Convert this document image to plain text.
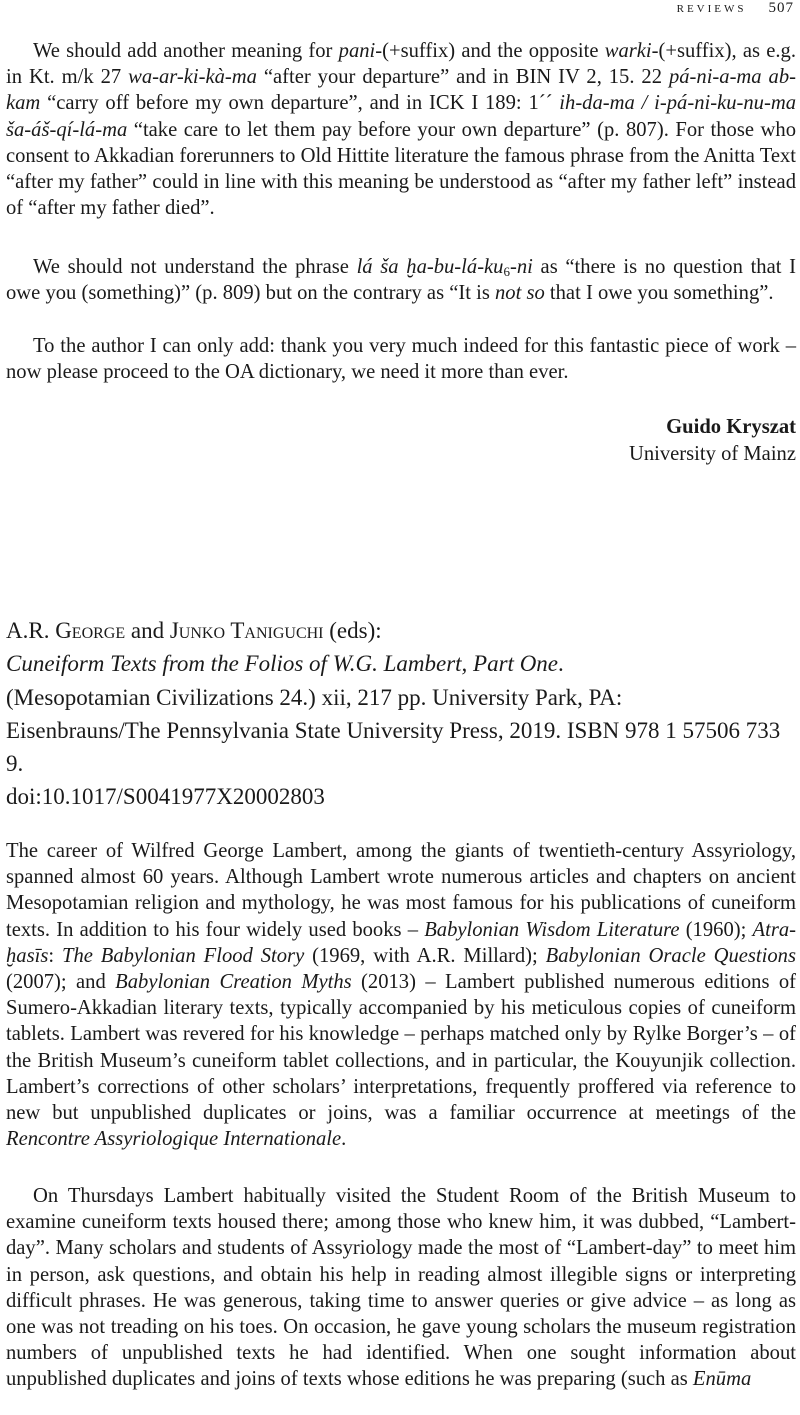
reviews 507

We should add another meaning for pani-(+suffix) and the opposite warki-(+suffix), as e.g. in Kt. m/k 27 wa-ar-ki-kà-ma “after your departure” and in BIN IV 2, 15. 22 pá-ni-a-ma ab-kam “carry off before my own departure”, and in ICK I 189: 1´´ ih-da-ma / i-pá-ni-ku-nu-ma ša-áš-qí-lá-ma “take care to let them pay before your own departure” (p. 807). For those who consent to Akkadian forerunners to Old Hittite literature the famous phrase from the Anitta Text “after my father” could in line with this meaning be understood as “after my father left” instead of “after my father died”.

We should not understand the phrase lá ša $ḫa-bu-lá-ku_6-ni$ as “there is no question that I owe you (something)” (p. 809) but on the contrary as “It is not so that I owe you something”.

To the author I can only add: thank you very much indeed for this fantastic piece of work – now please proceed to the OA dictionary, we need it more than ever.

Guido Kryszat
University of Mainz

A.R. George and Junko Taniguchi (eds):
Cuneiform Texts from the Folios of W.G. Lambert, Part One.
(Mesopotamian Civilizations 24.) xii, 217 pp. University Park, PA:
Eisenbrauns/The Pennsylvania State University Press, 2019. ISBN 978 1 57506 733 9.
doi:10.1017/S0041977X20002803

The career of Wilfred George Lambert, among the giants of twentieth-century Assyriology, spanned almost 60 years. Although Lambert wrote numerous articles and chapters on ancient Mesopotamian religion and mythology, he was most famous for his publications of cuneiform texts. In addition to his four widely used books – Babylonian Wisdom Literature (1960); Atra-ḫasīs: The Babylonian Flood Story (1969, with A.R. Millard); Babylonian Oracle Questions (2007); and Babylonian Creation Myths (2013) – Lambert published numerous editions of Sumero-Akkadian literary texts, typically accompanied by his meticulous copies of cuneiform tablets. Lambert was revered for his knowledge – perhaps matched only by Rylke Borger’s – of the British Museum’s cuneiform tablet collections, and in particular, the Kouyunjik collection. Lambert’s corrections of other scholars’ interpretations, frequently proffered via reference to new but unpublished duplicates or joins, was a familiar occurrence at meetings of the Rencontre Assyriologique Internationale.

On Thursdays Lambert habitually visited the Student Room of the British Museum to examine cuneiform texts housed there; among those who knew him, it was dubbed, “Lambert-day”. Many scholars and students of Assyriology made the most of “Lambert-day” to meet him in person, ask questions, and obtain his help in reading almost illegible signs or interpreting difficult phrases. He was generous, taking time to answer queries or give advice – as long as one was not treading on his toes. On occasion, he gave young scholars the museum registration numbers of unpublished texts he had identified. When one sought information about unpublished duplicates and joins of texts whose editions he was preparing (such as Enūma
